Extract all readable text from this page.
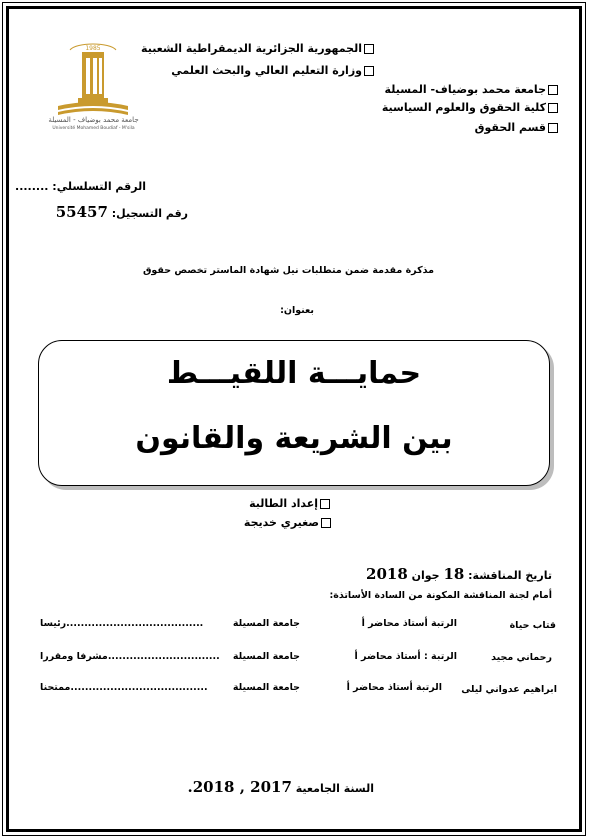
1985
جامعة محمد بوضياف - المسيلة
Université Mohamed Boudiaf - M'sila
الجمهورية الجزائرية الديمقراطية الشعبية
وزارة التعليم العالي والبحث العلمي
جامعة محمد بوضياف- المسيلة
كلية الحقوق والعلوم السياسية
قسم الحقوق
الرقم التسلسلي: ........
رقم التسجيل: 55457
مذكرة مقدمة ضمن متطلبات نيل شهادة الماستر تخصص حقوق
بعنوان:
حمايـــة اللقيـــط
بين الشريعة والقانون
إعداد الطالبة
صغيري خديجة
تاريخ المناقشة: 18 جوان 2018
أمام لجنة المناقشة المكونة من السادة الأساتذة:
قتاب حياة
الرتبة أستاذ محاضر أ
جامعة المسيلة
رئيسا......................................
رحماني مجيد
الرتبة : أستاذ محاضر أ
جامعة المسيلة
مشرفا ومقررا...............................
ابراهيم عدواني ليلى
الرتبة أستاذ محاضر أ
جامعة المسيلة
ممتحنا......................................
السنة الجامعية 2017 , 2018.
